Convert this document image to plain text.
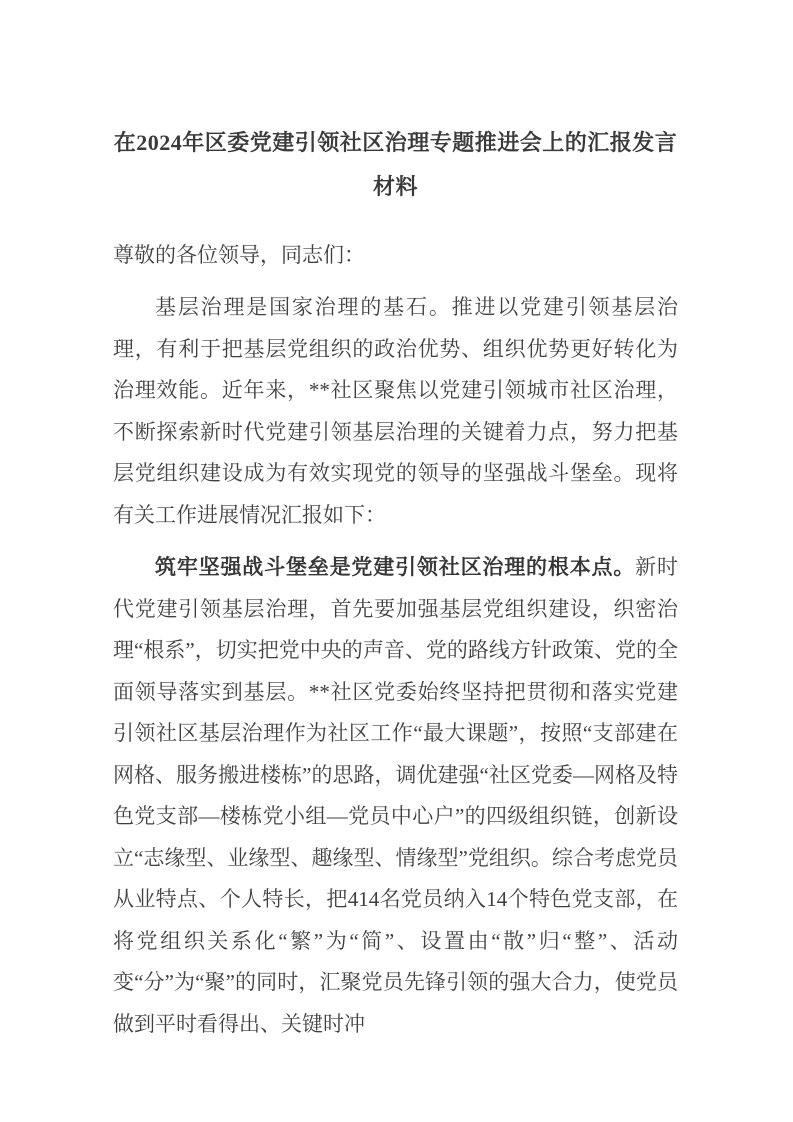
在2024年区委党建引领社区治理专题推进会上的汇报发言材料

尊敬的各位领导，同志们：

基层治理是国家治理的基石。推进以党建引领基层治理，有利于把基层党组织的政治优势、组织优势更好转化为治理效能。近年来，**社区聚焦以党建引领城市社区治理，不断探索新时代党建引领基层治理的关键着力点，努力把基层党组织建设成为有效实现党的领导的坚强战斗堡垒。现将有关工作进展情况汇报如下：

筑牢坚强战斗堡垒是党建引领社区治理的根本点。新时代党建引领基层治理，首先要加强基层党组织建设，织密治理“根系”，切实把党中央的声音、党的路线方针政策、党的全面领导落实到基层。**社区党委始终坚持把贯彻和落实党建引领社区基层治理作为社区工作“最大课题”，按照“支部建在网格、服务搬进楼栋”的思路，调优建强“社区党委—网格及特色党支部—楼栋党小组—党员中心户”的四级组织链，创新设立“志缘型、业缘型、趣缘型、情缘型”党组织。综合考虑党员从业特点、个人特长，把414名党员纳入14个特色党支部，在将党组织关系化“繁”为“简”、设置由“散”归“整”、活动变“分”为“聚”的同时，汇聚党员先锋引领的强大合力，使党员做到平时看得出、关键时冲
